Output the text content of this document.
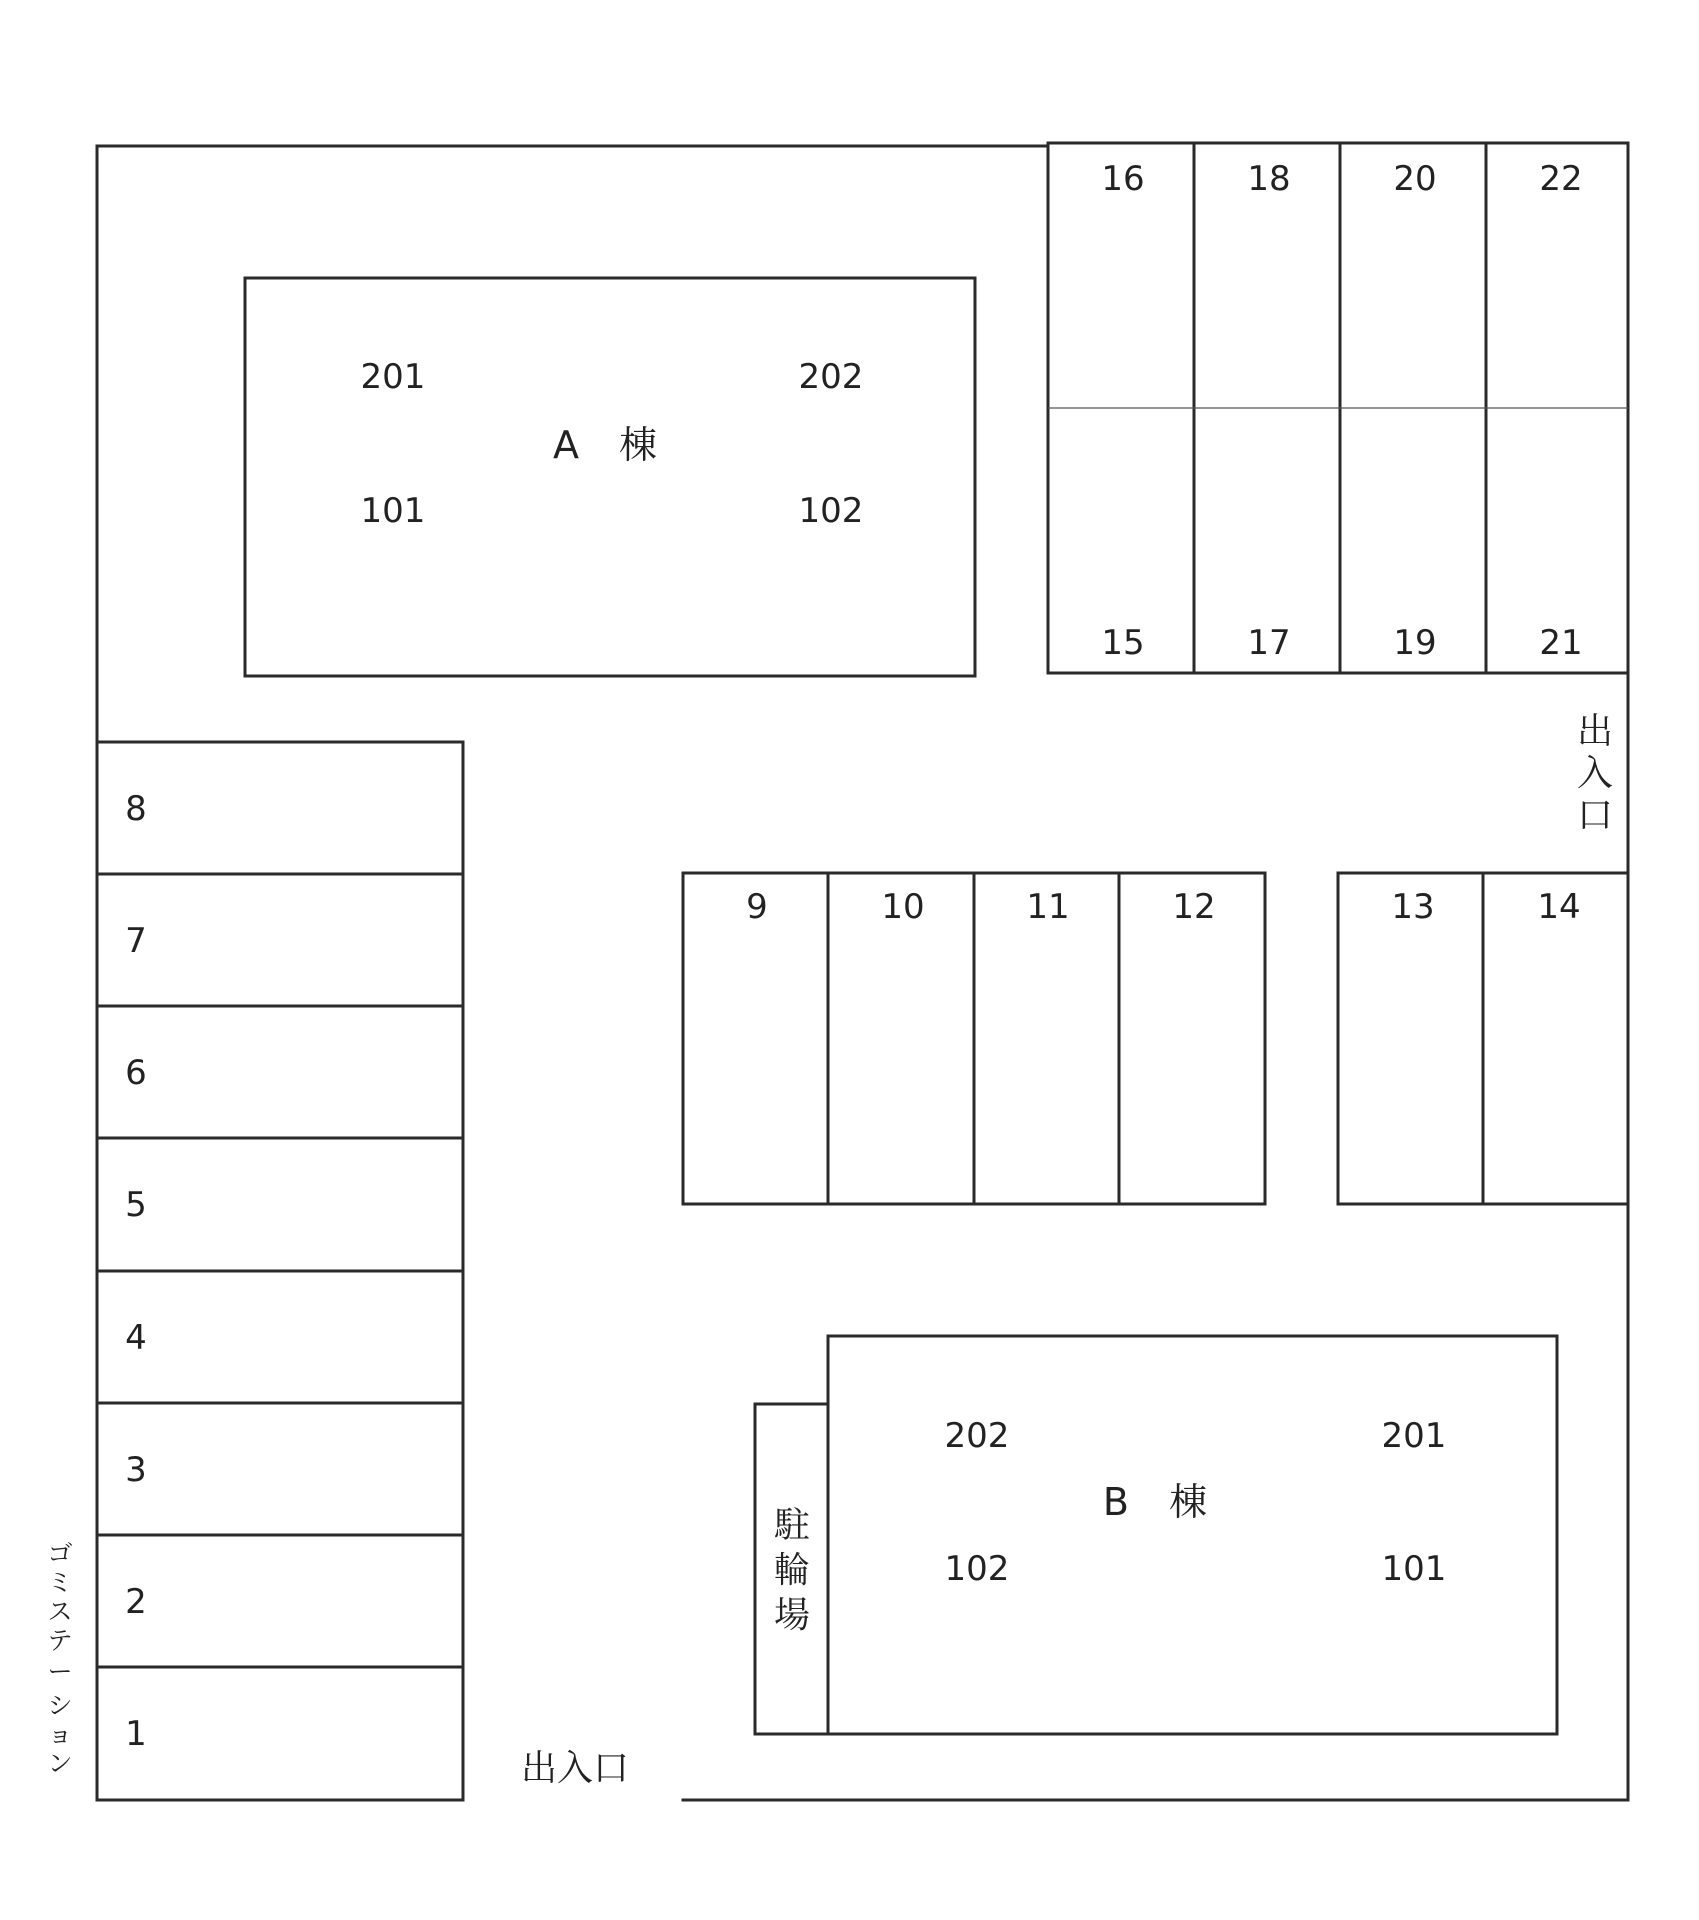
201	202
A 棟
101	102
16	18	20	22
15	17	19	21
出
入
口
8
7
6
5
4
3
2
1
ゴ
ミ
ス
テ
ー
シ
ョ
ン
9	10	11	12	13	14
駐
輪
場
202	201
B 棟
102	101
出入口
